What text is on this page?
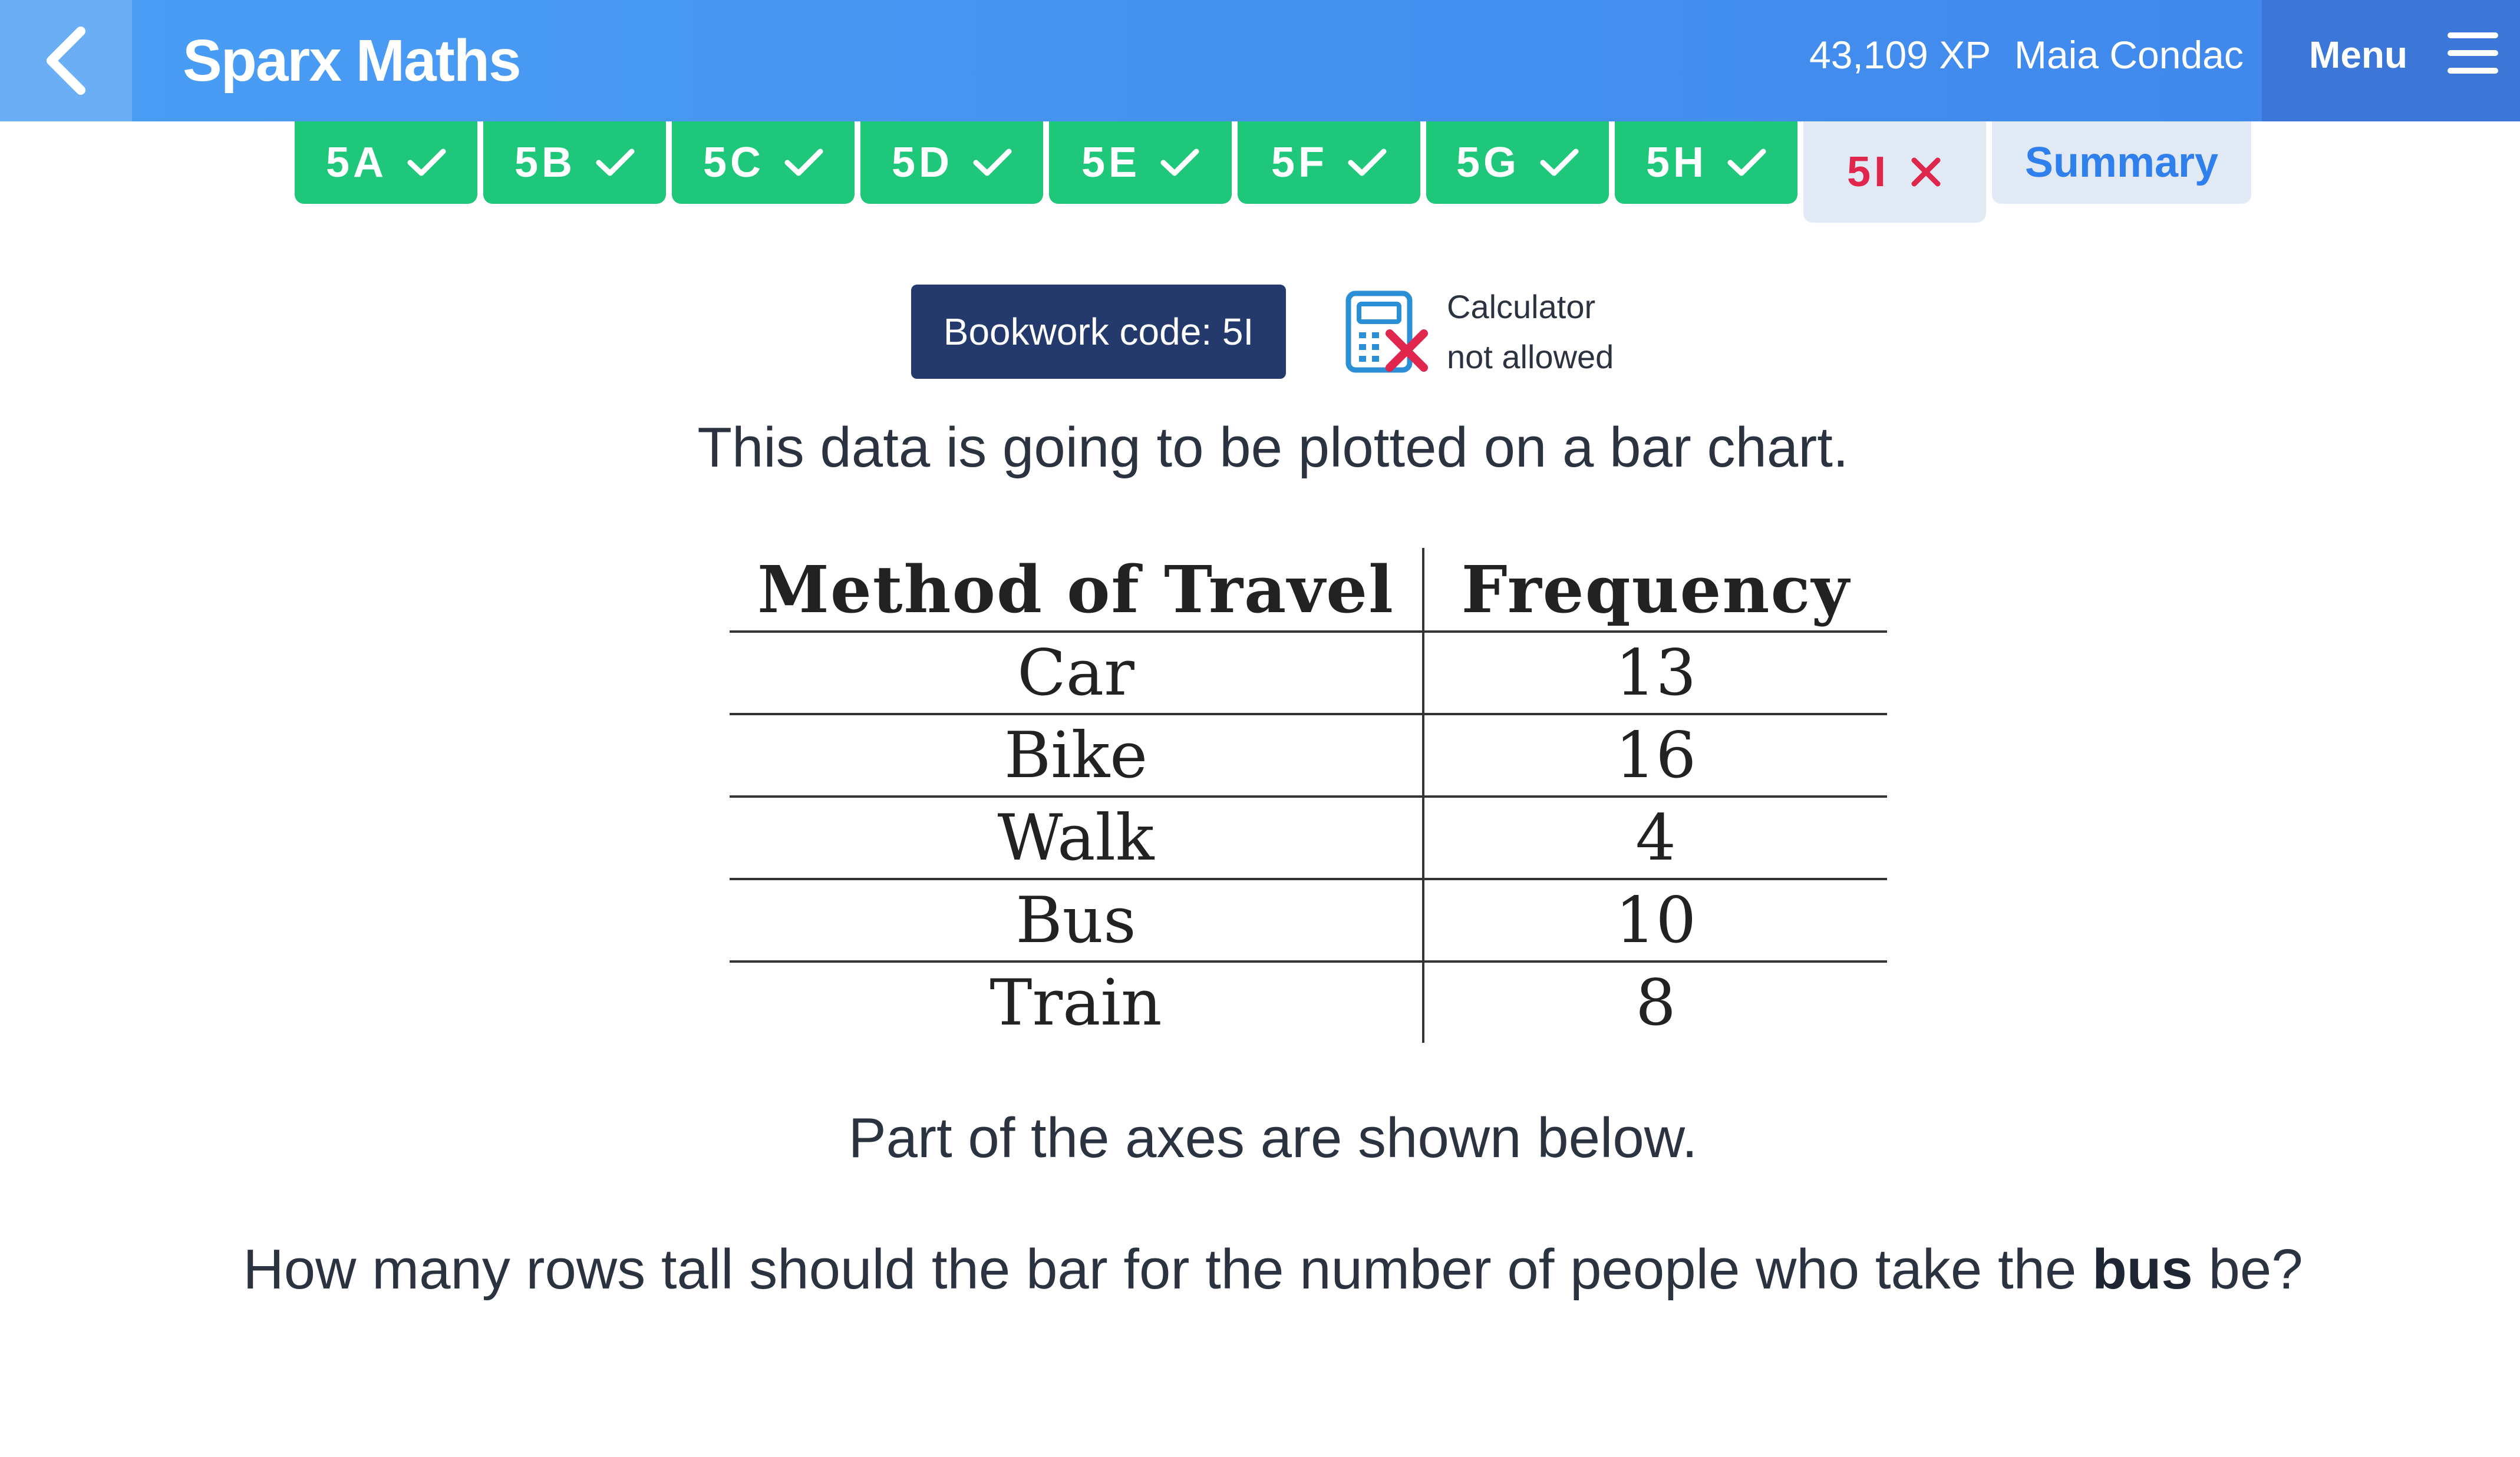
Sparx Maths	43,109 XP Maia Condac Menu
5A	5B	5C	5D	5E	5F	5G	5H	5I	Summary
Bookwork code: 5I
Calculator
not allowed
This data is going to be plotted on a bar chart.
Method of Travel	Frequency
Car	13
Bike	16
Walk	4
Bus	10
Train	8
Part of the axes are shown below.
How many rows tall should the bar for the number of people who take the bus be?
